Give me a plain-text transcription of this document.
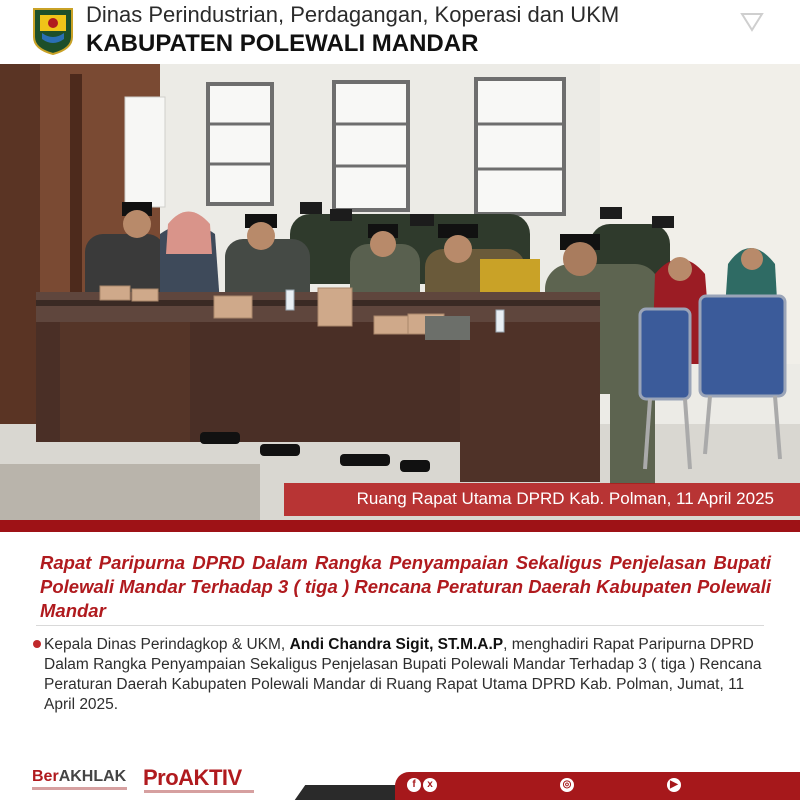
Dinas Perindustrian, Perdagangan, Koperasi dan UKM
KABUPATEN POLEWALI MANDAR
Ruang Rapat Utama DPRD Kab. Polman, 11 April 2025
Rapat Paripurna DPRD Dalam Rangka Penyampaian Sekaligus Penjelasan Bupati Polewali Mandar Terhadap 3 ( tiga ) Rencana Peraturan Daerah Kabupaten Polewali Mandar
Kepala Dinas Perindagkop & UKM, Andi Chandra Sigit, ST.M.A.P, menghadiri Rapat Paripurna DPRD Dalam Rangka Penyampaian Sekaligus Penjelasan Bupati Polewali Mandar Terhadap 3 ( tiga ) Rencana Peraturan Daerah Kabupaten Polewali Mandar di Ruang Rapat Utama DPRD Kab. Polman, Jumat, 11 April 2025.
BerAKHLAK ProAKTIV	f	x	◎	▶
